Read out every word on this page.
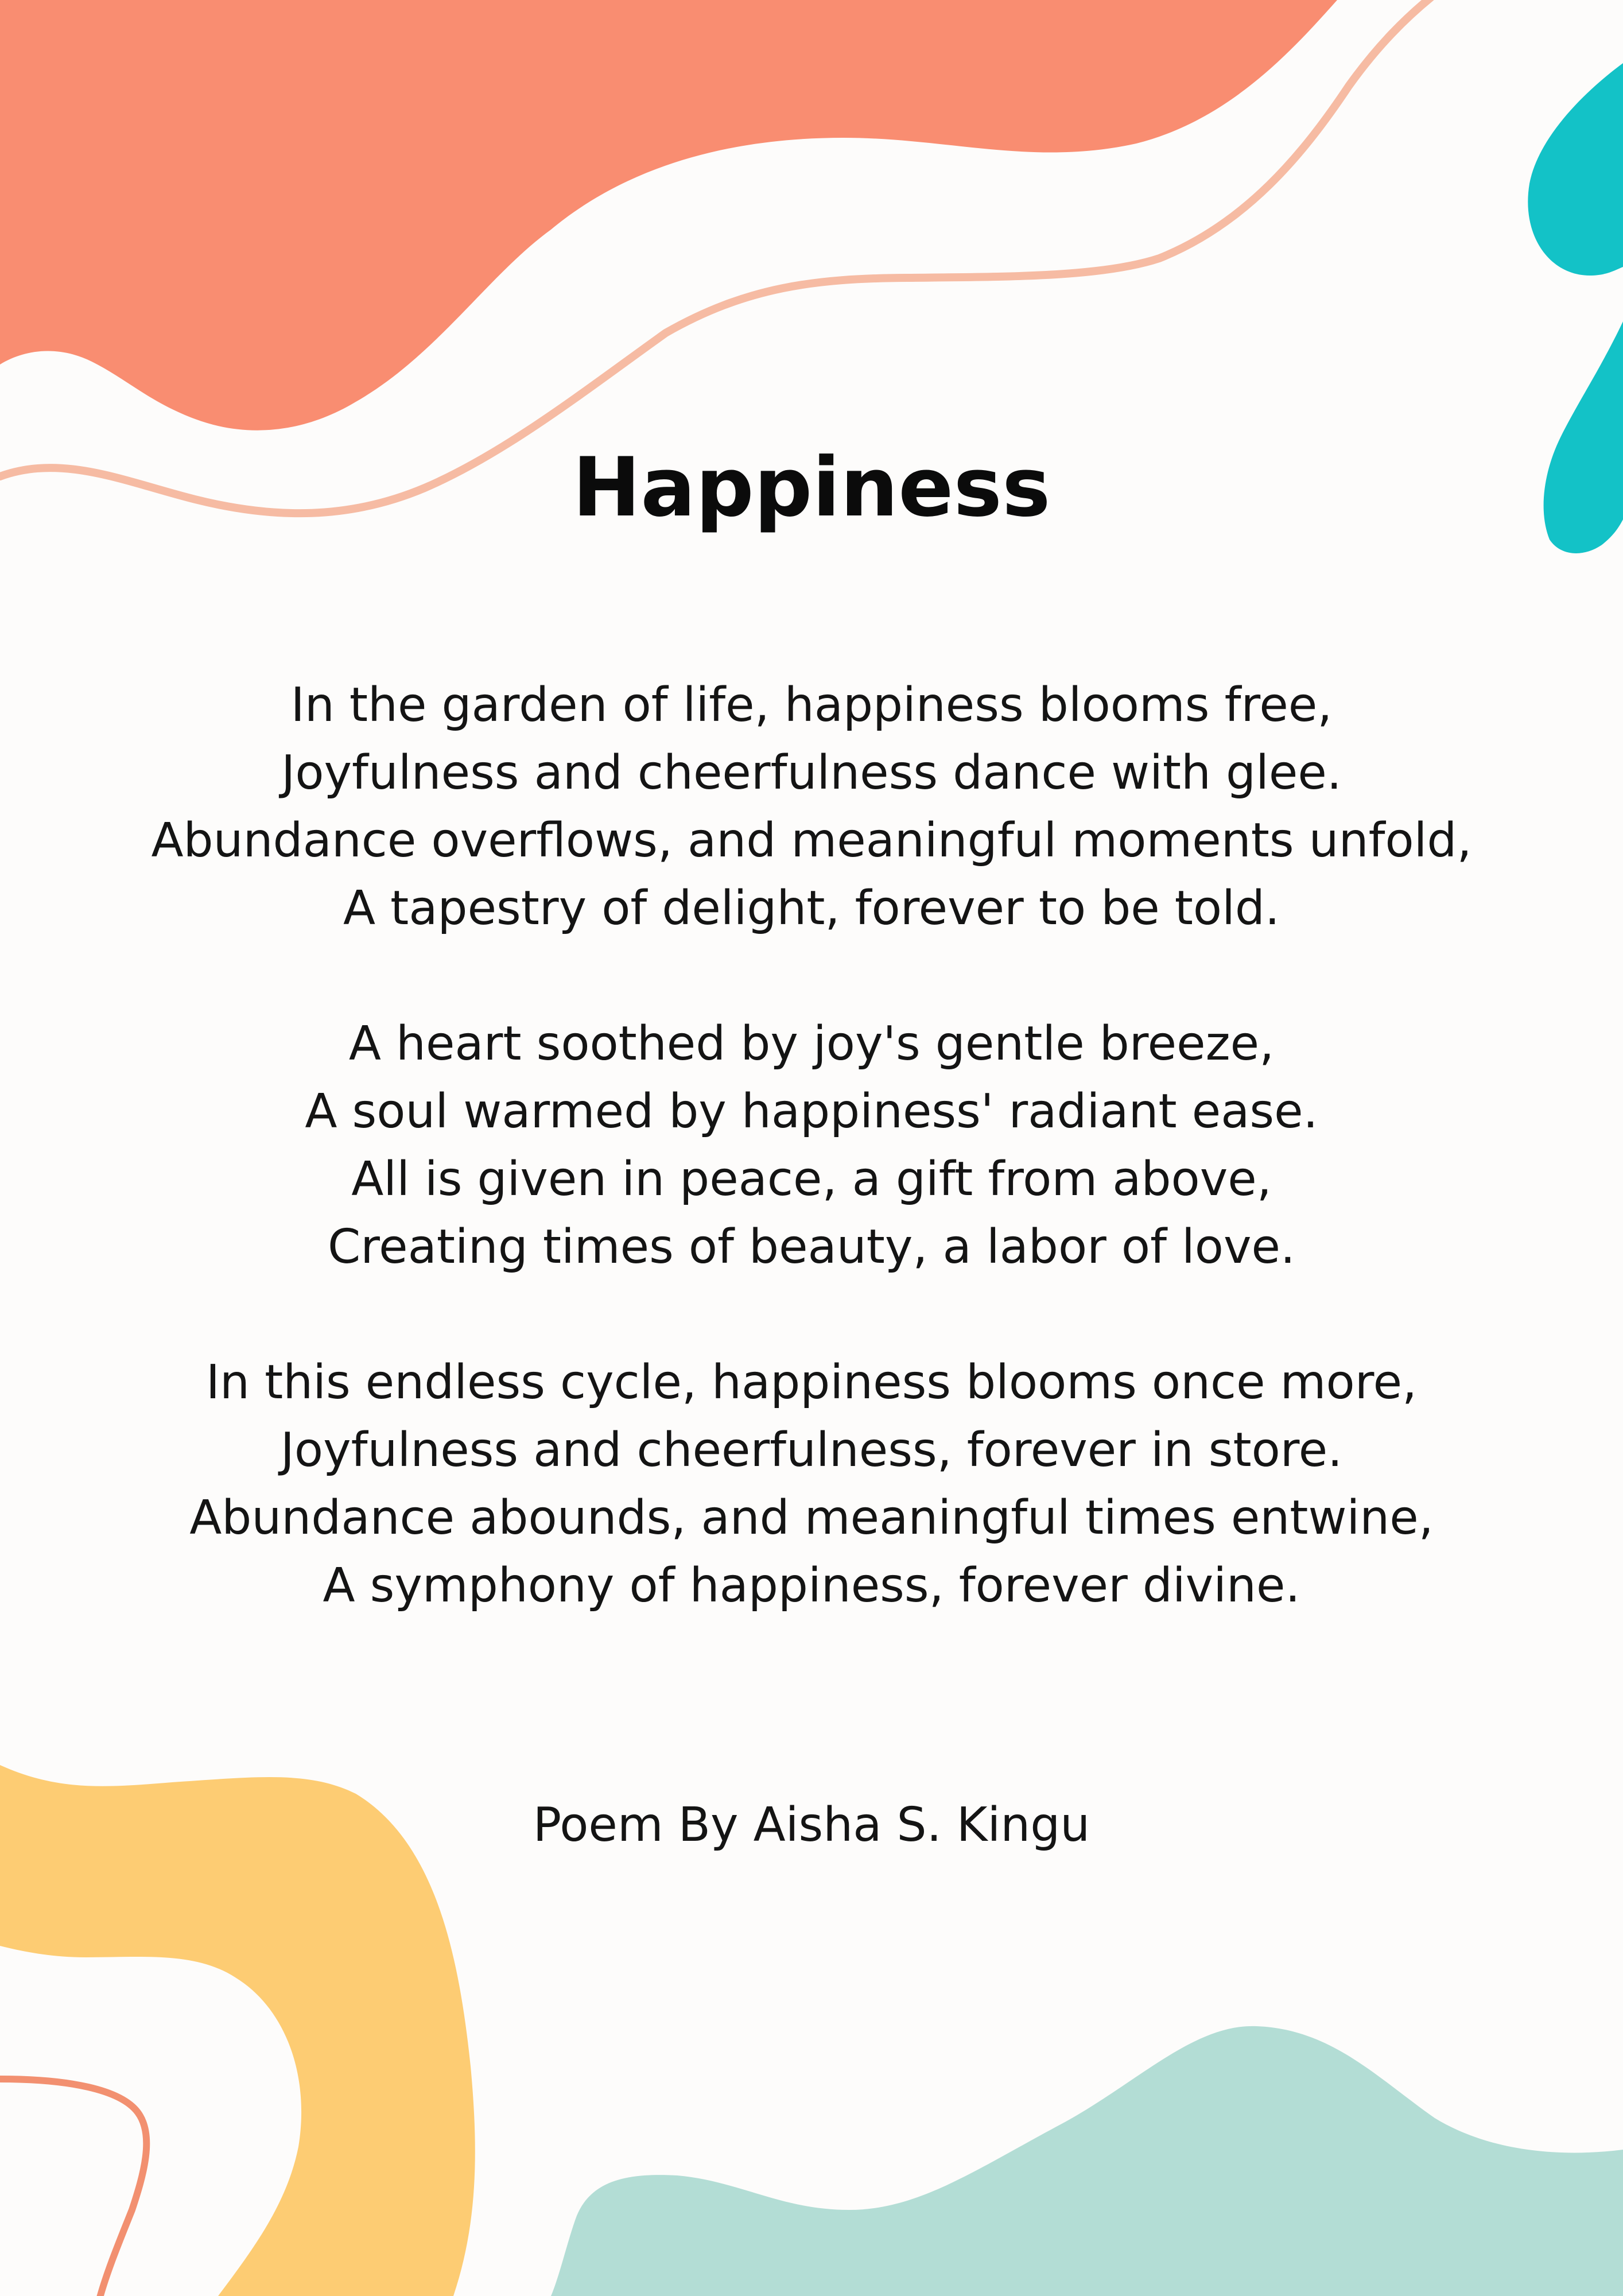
Happiness

In the garden of life, happiness blooms free,
Joyfulness and cheerfulness dance with glee.
Abundance overflows, and meaningful moments unfold,
A tapestry of delight, forever to be told.

A heart soothed by joy's gentle breeze,
A soul warmed by happiness' radiant ease.
All is given in peace, a gift from above,
Creating times of beauty, a labor of love.

In this endless cycle, happiness blooms once more,
Joyfulness and cheerfulness, forever in store.
Abundance abounds, and meaningful times entwine,
A symphony of happiness, forever divine.

Poem By Aisha S. Kingu
